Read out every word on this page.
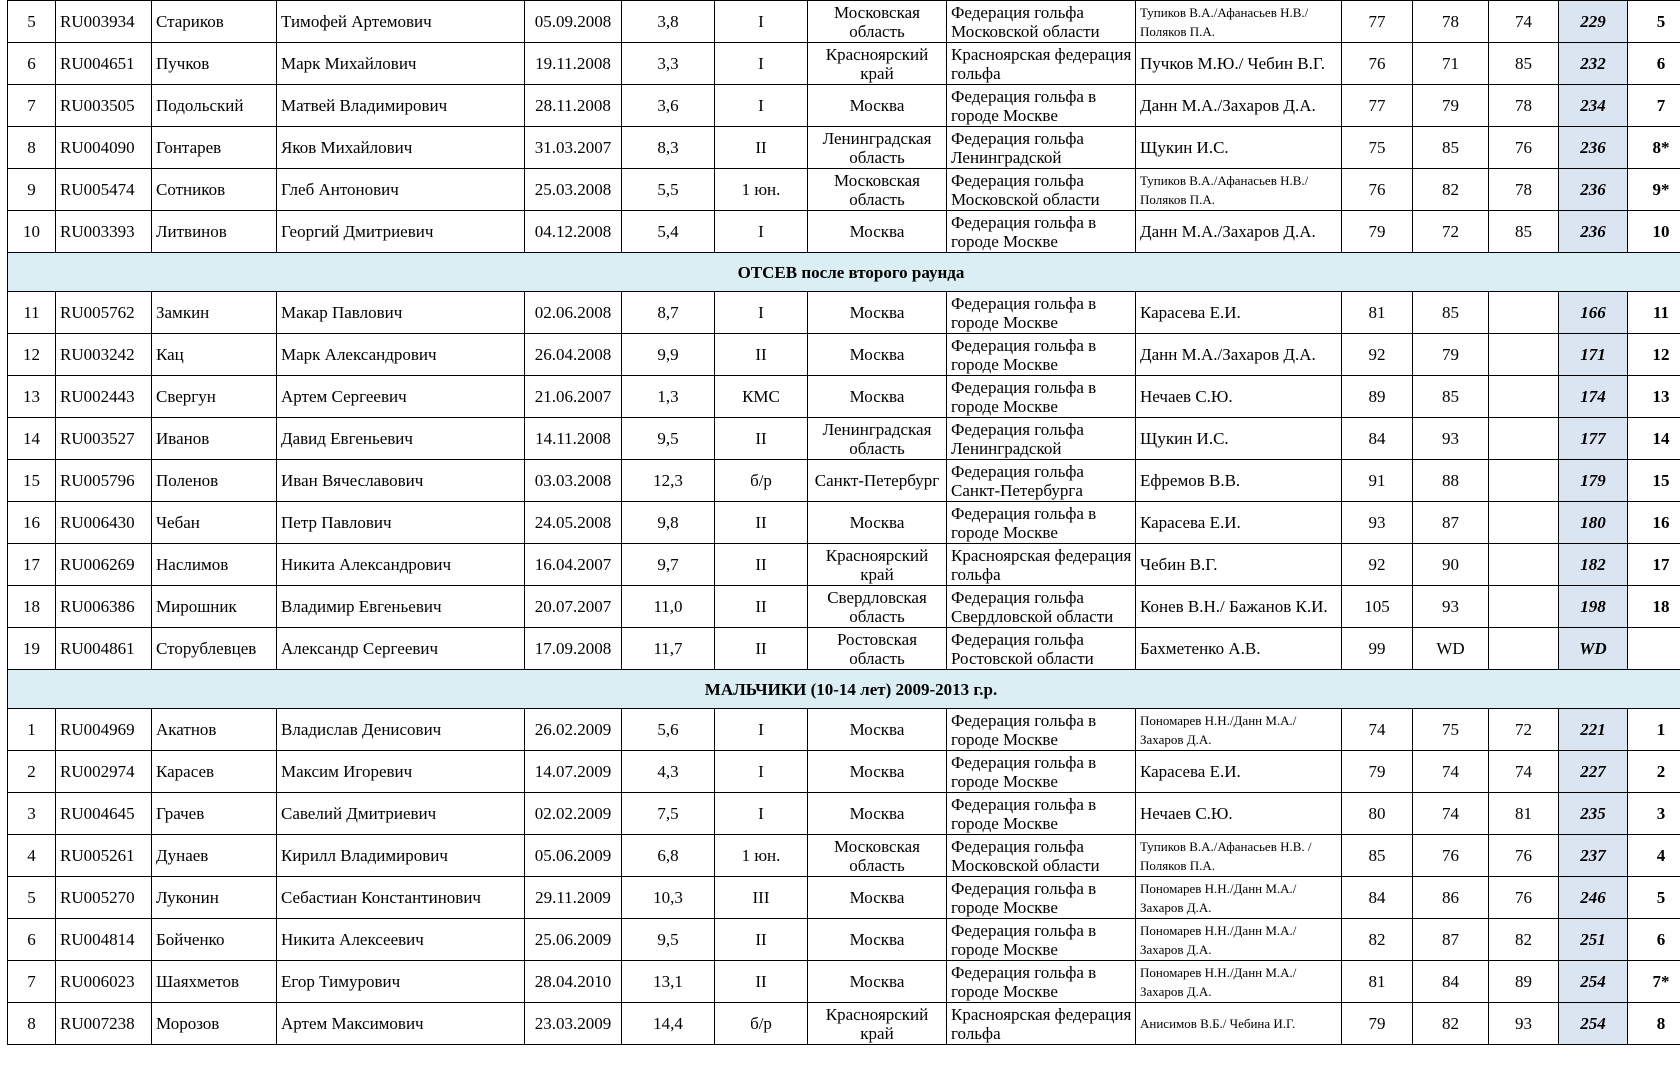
5	RU003934	Стариков	Тимофей Артемович	05.09.2008	3,8	I	Московская область	Федерация гольфа Московской области	Тупиков В.А./Афанасьев Н.В./Поляков П.А.	77	78	74	229	5
6	RU004651	Пучков	Марк Михайлович	19.11.2008	3,3	I	Красноярский край	Красноярская федерация гольфа	Пучков М.Ю./ Чебин В.Г.	76	71	85	232	6
7	RU003505	Подольский	Матвей Владимирович	28.11.2008	3,6	I	Москва	Федерация гольфа в городе Москве	Данн М.А./Захаров Д.А.	77	79	78	234	7
8	RU004090	Гонтарев	Яков Михайлович	31.03.2007	8,3	II	Ленинградская область	Федерация гольфа Ленинградской	Щукин И.С.	75	85	76	236	8*
9	RU005474	Сотников	Глеб Антонович	25.03.2008	5,5	1 юн.	Московская область	Федерация гольфа Московской области	Тупиков В.А./Афанасьев Н.В./Поляков П.А.	76	82	78	236	9*
10	RU003393	Литвинов	Георгий Дмитриевич	04.12.2008	5,4	I	Москва	Федерация гольфа в городе Москве	Данн М.А./Захаров Д.А.	79	72	85	236	10
ОТСЕВ после второго раунда														
11	RU005762	Замкин	Макар Павлович	02.06.2008	8,7	I	Москва	Федерация гольфа в городе Москве	Карасева Е.И.	81	85		166	11
12	RU003242	Кац	Марк Александрович	26.04.2008	9,9	II	Москва	Федерация гольфа в городе Москве	Данн М.А./Захаров Д.А.	92	79		171	12
13	RU002443	Свергун	Артем Сергеевич	21.06.2007	1,3	КМС	Москва	Федерация гольфа в городе Москве	Нечаев С.Ю.	89	85		174	13
14	RU003527	Иванов	Давид Евгеньевич	14.11.2008	9,5	II	Ленинградская область	Федерация гольфа Ленинградской	Щукин И.С.	84	93		177	14
15	RU005796	Поленов	Иван Вячеславович	03.03.2008	12,3	б/р	Санкт-Петербург	Федерация гольфа Санкт-Петербурга	Ефремов В.В.	91	88		179	15
16	RU006430	Чебан	Петр Павлович	24.05.2008	9,8	II	Москва	Федерация гольфа в городе Москве	Карасева Е.И.	93	87		180	16
17	RU006269	Наслимов	Никита Александрович	16.04.2007	9,7	II	Красноярский край	Красноярская федерация гольфа	Чебин В.Г.	92	90		182	17
18	RU006386	Мирошник	Владимир Евгеньевич	20.07.2007	11,0	II	Свердловская область	Федерация гольфа Свердловской области	Конев В.Н./ Бажанов К.И.	105	93		198	18
19	RU004861	Сторублевцев	Александр Сергеевич	17.09.2008	11,7	II	Ростовская область	Федерация гольфа Ростовской области	Бахметенко А.В.	99	WD		WD	
МАЛЬЧИКИ (10-14 лет) 2009-2013 г.р.														
1	RU004969	Акатнов	Владислав Денисович	26.02.2009	5,6	I	Москва	Федерация гольфа в городе Москве	Пономарев Н.Н./Данн М.А./ Захаров Д.А.	74	75	72	221	1
2	RU002974	Карасев	Максим Игоревич	14.07.2009	4,3	I	Москва	Федерация гольфа в городе Москве	Карасева Е.И.	79	74	74	227	2
3	RU004645	Грачев	Савелий Дмитриевич	02.02.2009	7,5	I	Москва	Федерация гольфа в городе Москве	Нечаев С.Ю.	80	74	81	235	3
4	RU005261	Дунаев	Кирилл Владимирович	05.06.2009	6,8	1 юн.	Московская область	Федерация гольфа Московской области	Тупиков В.А./Афанасьев Н.В. /Поляков П.А.	85	76	76	237	4
5	RU005270	Луконин	Себастиан Константинович	29.11.2009	10,3	III	Москва	Федерация гольфа в городе Москве	Пономарев Н.Н./Данн М.А./ Захаров Д.А.	84	86	76	246	5
6	RU004814	Бойченко	Никита Алексеевич	25.06.2009	9,5	II	Москва	Федерация гольфа в городе Москве	Пономарев Н.Н./Данн М.А./ Захаров Д.А.	82	87	82	251	6
7	RU006023	Шаяхметов	Егор Тимурович	28.04.2010	13,1	II	Москва	Федерация гольфа в городе Москве	Пономарев Н.Н./Данн М.А./ Захаров Д.А.	81	84	89	254	7*
8	RU007238	Морозов	Артем Максимович	23.03.2009	14,4	б/р	Красноярский край	Красноярская федерация гольфа	Анисимов В.Б./ Чебина И.Г.	79	82	93	254	8
